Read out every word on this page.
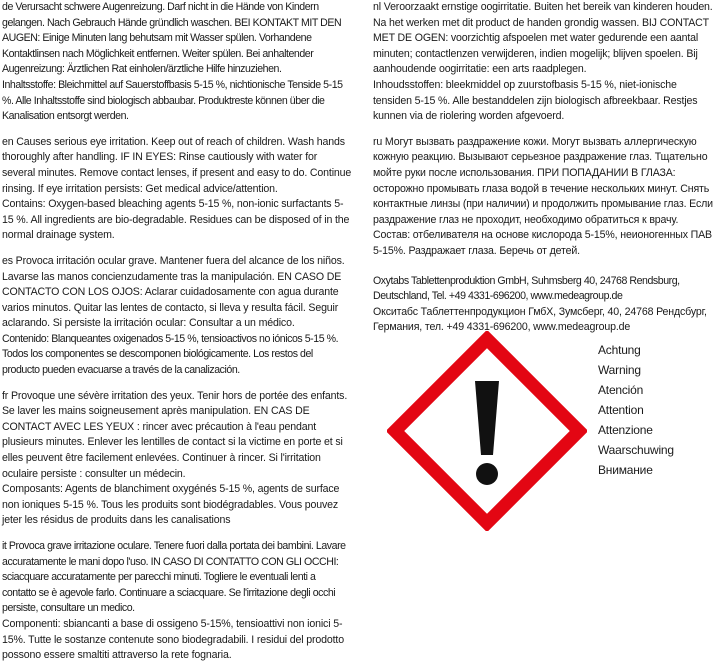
de Verursacht schwere Augenreizung. Darf nicht in die Hände von Kindern gelangen. Nach Gebrauch Hände gründlich waschen. BEI KONTAKT MIT DEN AUGEN: Einige Minuten lang behutsam mit Wasser spülen. Vorhandene Kontaktlinsen nach Möglichkeit entfernen. Weiter spülen. Bei anhaltender Augenreizung: Ärztlichen Rat einholen/ärztliche Hilfe hinzuziehen.

Inhaltsstoffe: Bleichmittel auf Sauerstoffbasis 5-15 %, nichtionische Tenside 5-15 %. Alle Inhaltsstoffe sind biologisch abbaubar. Produktreste können über die Kanalisation entsorgt werden.

en Causes serious eye irritation. Keep out of reach of children. Wash hands thoroughly after handling. IF IN EYES: Rinse cautiously with water for several minutes. Remove contact lenses, if present and easy to do. Continue rinsing. If eye irritation persists: Get medical advice/attention.

Contains: Oxygen-based bleaching agents 5-15 %, non-ionic surfactants 5-15 %. All ingredients are bio-degradable. Residues can be disposed of in the normal drainage system.

es Provoca irritación ocular grave. Mantener fuera del alcance de los niños. Lavarse las manos concienzudamente tras la manipulación. EN CASO DE CONTACTO CON LOS OJOS: Aclarar cuidadosamente con agua durante varios minutos. Quitar las lentes de contacto, si lleva y resulta fácil. Seguir aclarando. Si persiste la irritación ocular: Consultar a un médico.

Contenido: Blanqueantes oxigenados 5-15 %, tensioactivos no iónicos 5-15 %. Todos los componentes se descomponen biológicamente. Los restos del producto pueden evacuarse a través de la canalización.

fr Provoque une sévère irritation des yeux. Tenir hors de portée des enfants. Se laver les mains soigneusement après manipulation. EN CAS DE CONTACT AVEC LES YEUX : rincer avec précaution à l'eau pendant plusieurs minutes. Enlever les lentilles de contact si la victime en porte et si elles peuvent être facilement enlevées. Continuer à rincer. Si l'irritation oculaire persiste : consulter un médecin.

Composants: Agents de blanchiment oxygénés 5-15 %, agents de surface non ioniques 5-15 %. Tous les produits sont biodégradables. Vous pouvez jeter les résidus de produits dans les canalisations

it Provoca grave irritazione oculare. Tenere fuori dalla portata dei bambini. Lavare accuratamente le mani dopo l'uso. IN CASO DI CONTATTO CON GLI OCCHI: sciacquare accuratamente per parecchi minuti. Togliere le eventuali lenti a contatto se è agevole farlo. Continuare a sciacquare. Se l'irritazione degli occhi persiste, consultare un medico.

Componenti: sbiancanti a base di ossigeno 5-15%, tensioattivi non ionici 5-15%. Tutte le sostanze contenute sono biodegradabili. I residui del prodotto possono essere smaltiti attraverso la rete fognaria.

nl Veroorzaakt ernstige oogirritatie. Buiten het bereik van kinderen houden. Na het werken met dit product de handen grondig wassen. BIJ CONTACT MET DE OGEN: voorzichtig afspoelen met water gedurende een aantal minuten; contactlenzen verwijderen, indien mogelijk; blijven spoelen. Bij aanhoudende oogirritatie: een arts raadplegen.

Inhoudsstoffen: bleekmiddel op zuurstofbasis 5-15 %, niet-ionische tensiden 5-15 %. Alle bestanddelen zijn biologisch afbreekbaar. Restjes kunnen via de riolering worden afgevoerd.

ru Могут вызвать раздражение кожи. Могут вызвать аллергическую кожную реакцию. Вызывают серьезное раздражение глаз. Тщательно мойте руки после использования. ПРИ ПОПАДАНИИ В ГЛАЗА: осторожно промывать глаза водой в течение нескольких минут. Снять контактные линзы (при наличии) и продолжить промывание глаз. Если раздражение глаз не проходит, необходимо обратиться к врачу.

Состав: отбеливателя на основе кислорода 5-15%, неионогенных ПАВ 5-15%. Раздражает глаза. Беречь от детей.

Oxytabs Tablettenproduktion GmbH, Suhmsberg 40, 24768 Rendsburg, Deutschland, Tel. +49 4331-696200, www.medeagroup.de

Окситабс Таблеттенпродукцион ГмбХ, Зумсберг, 40, 24768 Рендсбург, Германия, тел. +49 4331-696200, www.medeagroup.de

Achtung
Warning
Atención
Attention
Attenzione
Waarschuwing
Внимание
